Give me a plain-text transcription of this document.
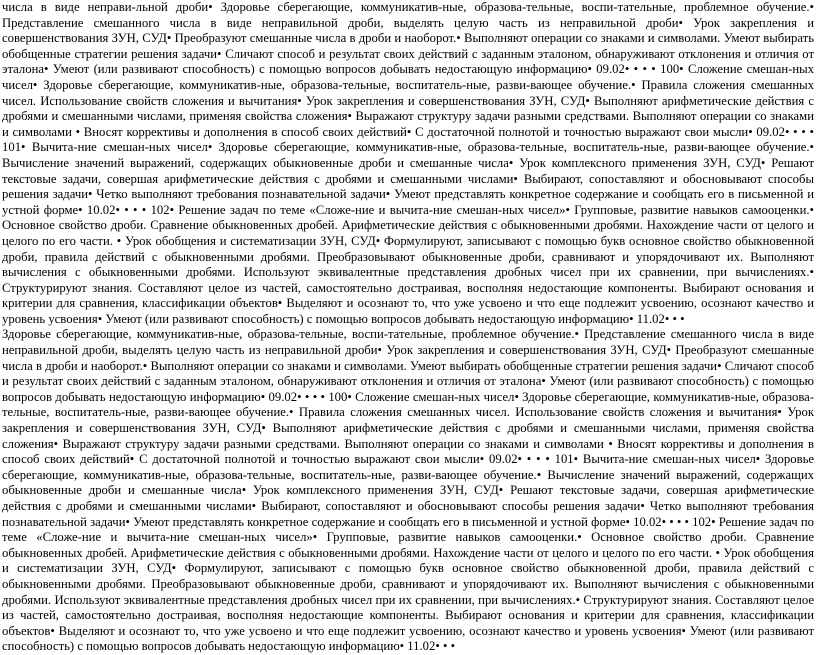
числа в виде неправи-льной дроби• Здоровье сберегающие, коммуникатив-ные, образова-тельные, воспи-тательные, проблемное обучение.• Представление смешанного числа в виде неправильной дроби, выделять целую часть из неправильной дроби• Урок закрепления и совершенствования ЗУН, СУД• Преобразуют смешанные числа в дроби и наоборот.• Выполняют операции со знаками и символами. Умеют выбирать обобщенные стратегии решения задачи• Сличают способ и результат своих действий с заданным эталоном, обнаруживают отклонения и отличия от эталона• Умеют (или развивают способность) с помощью вопросов добывать недостающую информацию• 09.02• • • • 100• Сложение смешан-ных чисел• Здоровье сберегающие, коммуникатив-ные, образова-тельные, воспитатель-ные, разви-вающее обучение.• Правила сложения смешанных чисел. Использование свойств сложения и вычитания• Урок закрепления и совершенствования ЗУН, СУД• Выполняют арифметические действия с дробями и смешанными числами, применяя свойства сложения• Выражают структуру задачи разными средствами. Выполняют операции со знаками и символами • Вносят коррективы и дополнения в способ своих действий• С достаточной полнотой и точностью выражают свои мысли• 09.02• • • • 101• Вычита-ние смешан-ных чисел• Здоровье сберегающие, коммуникатив-ные, образова-тельные, воспитатель-ные, разви-вающее обучение.• Вычисление значений выражений, содержащих обыкновенные дроби и смешанные числа• Урок комплексного применения ЗУН, СУД• Решают текстовые задачи, совершая арифметические действия с дробями и смешанными числами• Выбирают, сопоставляют и обосновывают способы решения задачи• Четко выполняют требования познавательной задачи• Умеют представлять конкретное содержание и сообщать его в письменной и устной форме• 10.02• • • • 102• Решение задач по теме «Сложе-ние и вычита-ние смешан-ных чисел»• Групповые, развитие навыков самооценки.• Основное свойство дроби. Сравнение обыкновенных дробей. Арифметические действия с обыкновенными дробями. Нахождение части от целого и целого по его части. • Урок обобщения и систематизации ЗУН, СУД• Формулируют, записывают с помощью букв основное свойство обыкновенной дроби, правила действий с обыкновенными дробями. Преобразовывают обыкновенные дроби, сравнивают и упорядочивают их. Выполняют вычисления с обыкновенными дробями. Используют эквивалентные представления дробных чисел при их сравнении, при вычислениях.• Структурируют знания. Составляют целое из частей, самостоятельно достраивая, восполняя недостающие компоненты. Выбирают основания и критерии для сравнения, классификации объектов• Выделяют и осознают то, что уже усвоено и что еще подлежит усвоению, осознают качество и уровень усвоения• Умеют (или развивают способность) с помощью вопросов добывать недостающую информацию• 11.02• • •

Здоровье сберегающие, коммуникатив-ные, образова-тельные, воспи-тательные, проблемное обучение.• Представление смешанного числа в виде неправильной дроби, выделять целую часть из неправильной дроби• Урок закрепления и совершенствования ЗУН, СУД• Преобразуют смешанные числа в дроби и наоборот.• Выполняют операции со знаками и символами. Умеют выбирать обобщенные стратегии решения задачи• Сличают способ и результат своих действий с заданным эталоном, обнаруживают отклонения и отличия от эталона• Умеют (или развивают способность) с помощью вопросов добывать недостающую информацию• 09.02• • • • 100• Сложение смешан-ных чисел• Здоровье сберегающие, коммуникатив-ные, образова-тельные, воспитатель-ные, разви-вающее обучение.• Правила сложения смешанных чисел. Использование свойств сложения и вычитания• Урок закрепления и совершенствования ЗУН, СУД• Выполняют арифметические действия с дробями и смешанными числами, применяя свойства сложения• Выражают структуру задачи разными средствами. Выполняют операции со знаками и символами • Вносят коррективы и дополнения в способ своих действий• С достаточной полнотой и точностью выражают свои мысли• 09.02• • • • 101• Вычита-ние смешан-ных чисел• Здоровье сберегающие, коммуникатив-ные, образова-тельные, воспитатель-ные, разви-вающее обучение.• Вычисление значений выражений, содержащих обыкновенные дроби и смешанные числа• Урок комплексного применения ЗУН, СУД• Решают текстовые задачи, совершая арифметические действия с дробями и смешанными числами• Выбирают, сопоставляют и обосновывают способы решения задачи• Четко выполняют требования познавательной задачи• Умеют представлять конкретное содержание и сообщать его в письменной и устной форме• 10.02• • • • 102• Решение задач по теме «Сложе-ние и вычита-ние смешан-ных чисел»• Групповые, развитие навыков самооценки.• Основное свойство дроби. Сравнение обыкновенных дробей. Арифметические действия с обыкновенными дробями. Нахождение части от целого и целого по его части. • Урок обобщения и систематизации ЗУН, СУД• Формулируют, записывают с помощью букв основное свойство обыкновенной дроби, правила действий с обыкновенными дробями. Преобразовывают обыкновенные дроби, сравнивают и упорядочивают их. Выполняют вычисления с обыкновенными дробями. Используют эквивалентные представления дробных чисел при их сравнении, при вычислениях.• Структурируют знания. Составляют целое из частей, самостоятельно достраивая, восполняя недостающие компоненты. Выбирают основания и критерии для сравнения, классификации объектов• Выделяют и осознают то, что уже усвоено и что еще подлежит усвоению, осознают качество и уровень усвоения• Умеют (или развивают способность) с помощью вопросов добывать недостающую информацию• 11.02• • •
